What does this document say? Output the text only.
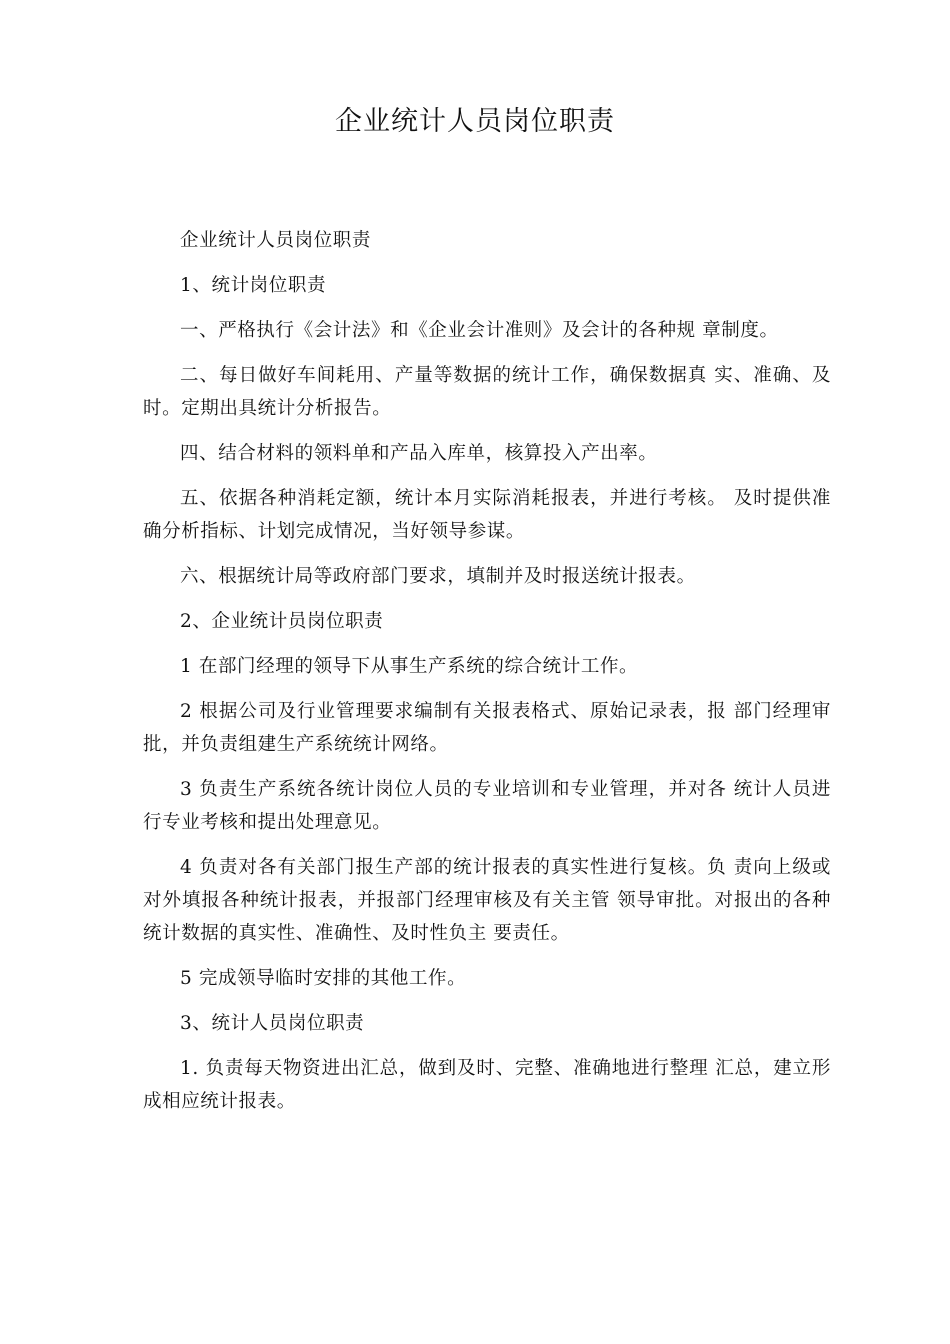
企业统计人员岗位职责

企业统计人员岗位职责

1、统计岗位职责

一、严格执行《会计法》和《企业会计准则》及会计的各种规 章制度。

二、每日做好车间耗用、产量等数据的统计工作，确保数据真 实、准确、及时。定期出具统计分析报告。

四、结合材料的领料单和产品入库单，核算投入产出率。

五、依据各种消耗定额，统计本月实际消耗报表，并进行考核。 及时提供准确分析指标、计划完成情况，当好领导参谋。

六、根据统计局等政府部门要求，填制并及时报送统计报表。

2、企业统计员岗位职责

1 在部门经理的领导下从事生产系统的综合统计工作。

2 根据公司及行业管理要求编制有关报表格式、原始记录表，报 部门经理审批，并负责组建生产系统统计网络。

3 负责生产系统各统计岗位人员的专业培训和专业管理，并对各 统计人员进行专业考核和提出处理意见。

4 负责对各有关部门报生产部的统计报表的真实性进行复核。负 责向上级或对外填报各种统计报表，并报部门经理审核及有关主管 领导审批。对报出的各种统计数据的真实性、准确性、及时性负主 要责任。

5 完成领导临时安排的其他工作。

3、统计人员岗位职责

1. 负责每天物资进出汇总，做到及时、完整、准确地进行整理 汇总，建立形成相应统计报表。
